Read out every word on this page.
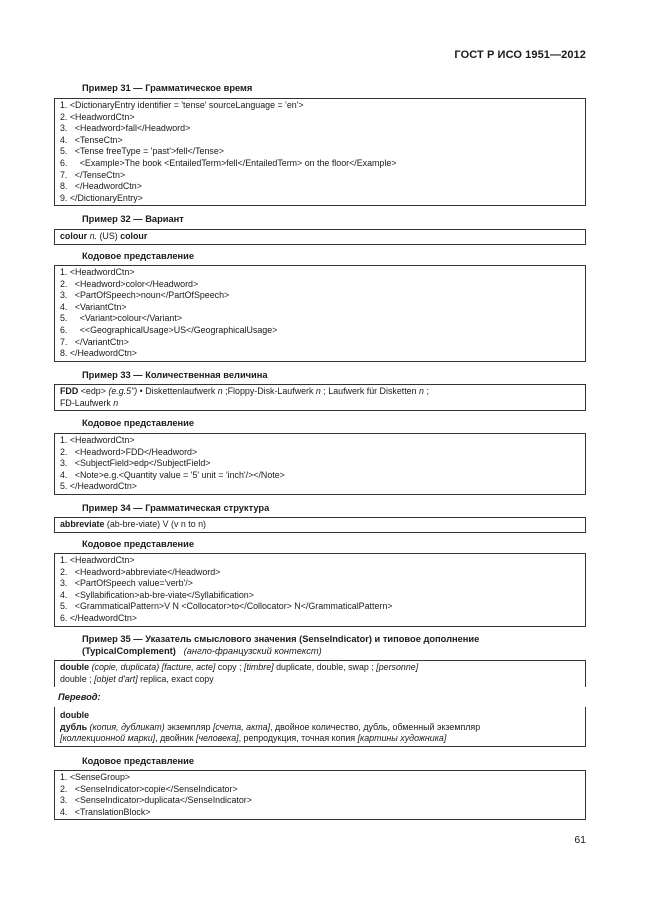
ГОСТ Р ИСО 1951—2012
Пример 31 — Грамматическое время
1. <DictionaryEntry identifier = 'tense' sourceLanguage = 'en'>
2. <HeadwordCtn>
3.   <Headword>fall</Headword>
4.   <TenseCtn>
5.   <Tense freeType = 'past'>fell</Tense>
6.     <Example>The book <EntailedTerm>fell</EntailedTerm> on the floor</Example>
7.   </TenseCtn>
8.   </HeadwordCtn>
9. </DictionaryEntry>
Пример 32 — Вариант
colour n. (US) colour
Кодовое представление
1. <HeadwordCtn>
2.   <Headword>color</Headword>
3.   <PartOfSpeech>noun</PartOfSpeech>
4.   <VariantCtn>
5.     <Variant>colour</Variant>
6.     <<GeographicalUsage>US</GeographicalUsage>
7.   </VariantCtn>
8. </HeadwordCtn>
Пример 33 — Количественная величина
FDD <edp> (e.g.5") • Diskettenlaufwerk n ;Floppy-Disk-Laufwerk n ; Laufwerk für Disketten n ;
FD-Laufwerk n
Кодовое представление
1. <HeadwordCtn>
2.   <Headword>FDD</Headword>
3.   <SubjectField>edp</SubjectField>
4.   <Note>e.g.<Quantity value = '5' unit = 'inch'/></Note>
5. </HeadwordCtn>
Пример 34 — Грамматическая структура
abbreviate (ab-bre-viate) V (v n to n)
Кодовое представление
1. <HeadwordCtn>
2.   <Headword>abbreviate</Headword>
3.   <PartOfSpeech value='verb'/>
4.   <Syllabification>ab-bre-viate</Syllabification>
5.   <GrammaticalPattern>V N <Collocator>to</Collocator> N</GrammaticalPattern>
6. </HeadwordCtn>
Пример 35 — Указатель смыслового значения (SenseIndicator) и типовое дополнение
(TypicalComplement) (англо-французский контекст)
double (copie, duplicata) [facture, acte] copy ; [timbre] duplicate, double, swap ; [personne]
double ; [objet d'art] replica, exact copy
Перевод:
double
дубль (копия, дубликат) экземпляр [счета, акта], двойное количество, дубль, обменный экземпляр
[коллекционной марки], двойник [человека], репродукция, точная копия [картины художника]
Кодовое представление
1. <SenseGroup>
2.   <SenseIndicator>copie</SenseIndicator>
3.   <SenseIndicator>duplicata</SenseIndicator>
4.   <TranslationBlock>
61
